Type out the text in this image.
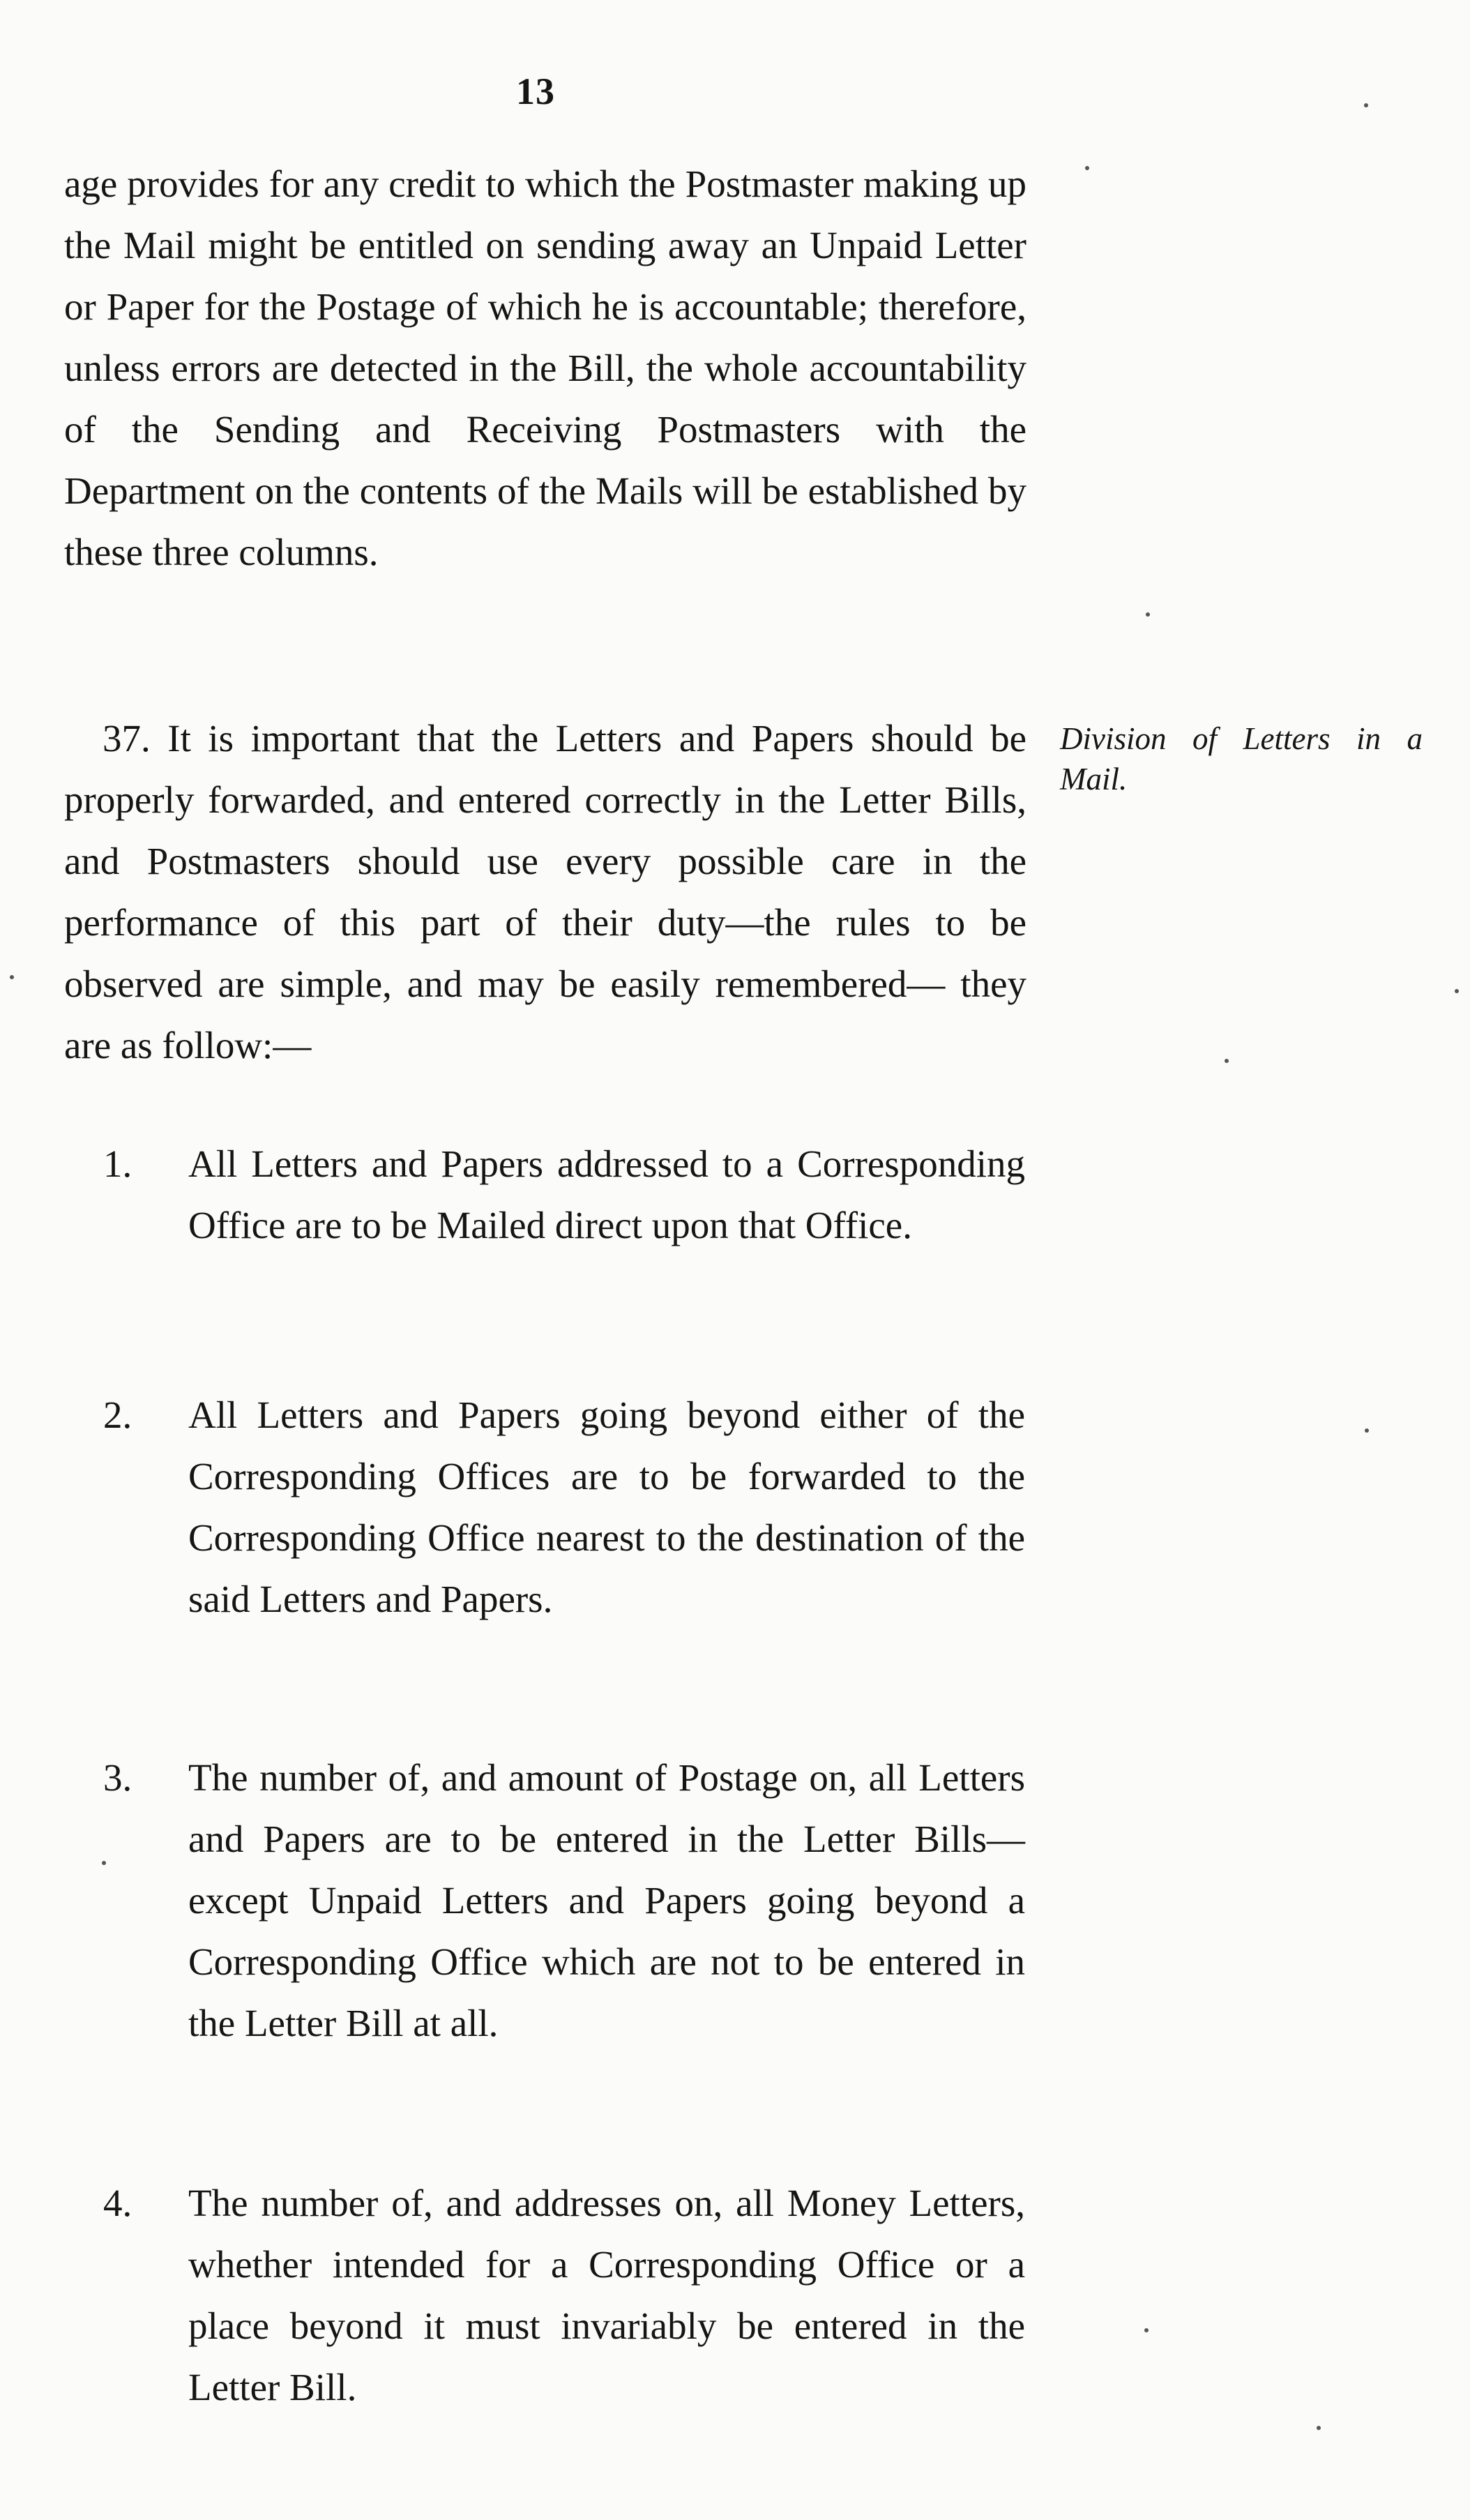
13

age provides for any credit to which the Postmaster making up the Mail might be entitled on sending away an Unpaid Letter or Paper for the Postage of which he is accountable; therefore, unless errors are detected in the Bill, the whole accountability of the Sending and Receiving Postmasters with the Department on the contents of the Mails will be established by these three columns.

37. It is important that the Letters and Papers should be properly forwarded, and entered correctly in the Letter Bills, and Postmasters should use every possible care in the performance of this part of their duty—the rules to be observed are simple, and may be easily remembered— they are as follow:—

Division of Letters in a Mail.
1. All Letters and Papers addressed to a Corresponding Office are to be Mailed direct upon that Office.
2. All Letters and Papers going beyond either of the Corresponding Offices are to be forwarded to the Corresponding Office nearest to the destination of the said Letters and Papers.
3. The number of, and amount of Postage on, all Letters and Papers are to be entered in the Letter Bills—except Unpaid Letters and Papers going beyond a Corresponding Office which are not to be entered in the Letter Bill at all.
4. The number of, and addresses on, all Money Letters, whether intended for a Corresponding Office or a place beyond it must invariably be entered in the Letter Bill.
